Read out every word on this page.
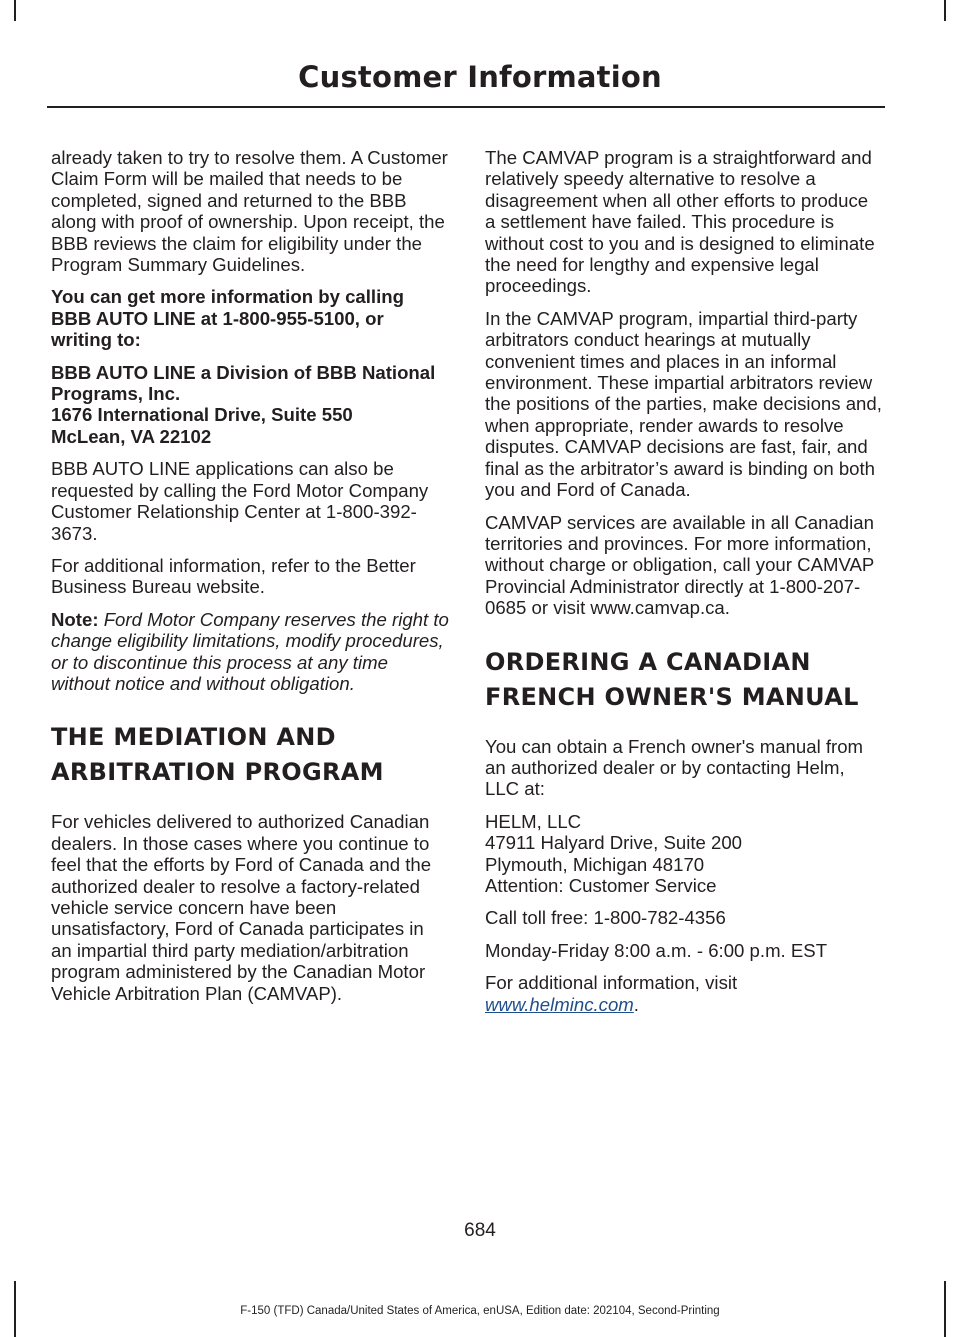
Customer Information

already taken to try to resolve them. A Customer Claim Form will be mailed that needs to be completed, signed and returned to the BBB along with proof of ownership. Upon receipt, the BBB reviews the claim for eligibility under the Program Summary Guidelines.

You can get more information by calling BBB AUTO LINE at 1-800-955-5100, or writing to:

BBB AUTO LINE a Division of BBB National Programs, Inc.
1676 International Drive, Suite 550
McLean, VA 22102

BBB AUTO LINE applications can also be requested by calling the Ford Motor Company Customer Relationship Center at 1-800-392-3673.

For additional information, refer to the Better Business Bureau website.

Note: Ford Motor Company reserves the right to change eligibility limitations, modify procedures, or to discontinue this process at any time without notice and without obligation.

THE MEDIATION AND
ARBITRATION PROGRAM

For vehicles delivered to authorized Canadian dealers. In those cases where you continue to feel that the efforts by Ford of Canada and the authorized dealer to resolve a factory-related vehicle service concern have been unsatisfactory, Ford of Canada participates in an impartial third party mediation/arbitration program administered by the Canadian Motor Vehicle Arbitration Plan (CAMVAP).

The CAMVAP program is a straightforward and relatively speedy alternative to resolve a disagreement when all other efforts to produce a settlement have failed. This procedure is without cost to you and is designed to eliminate the need for lengthy and expensive legal proceedings.

In the CAMVAP program, impartial third-party arbitrators conduct hearings at mutually convenient times and places in an informal environment. These impartial arbitrators review the positions of the parties, make decisions and, when appropriate, render awards to resolve disputes. CAMVAP decisions are fast, fair, and final as the arbitrator’s award is binding on both you and Ford of Canada.

CAMVAP services are available in all Canadian territories and provinces. For more information, without charge or obligation, call your CAMVAP Provincial Administrator directly at 1-800-207-0685 or visit www.camvap.ca.

ORDERING A CANADIAN
FRENCH OWNER'S MANUAL

You can obtain a French owner's manual from an authorized dealer or by contacting Helm, LLC at:

HELM, LLC
47911 Halyard Drive, Suite 200
Plymouth, Michigan 48170
Attention: Customer Service

Call toll free: 1-800-782-4356

Monday-Friday 8:00 a.m. - 6:00 p.m. EST

For additional information, visit
www.helminc.com.

684
F-150 (TFD) Canada/United States of America, enUSA, Edition date: 202104, Second-Printing
